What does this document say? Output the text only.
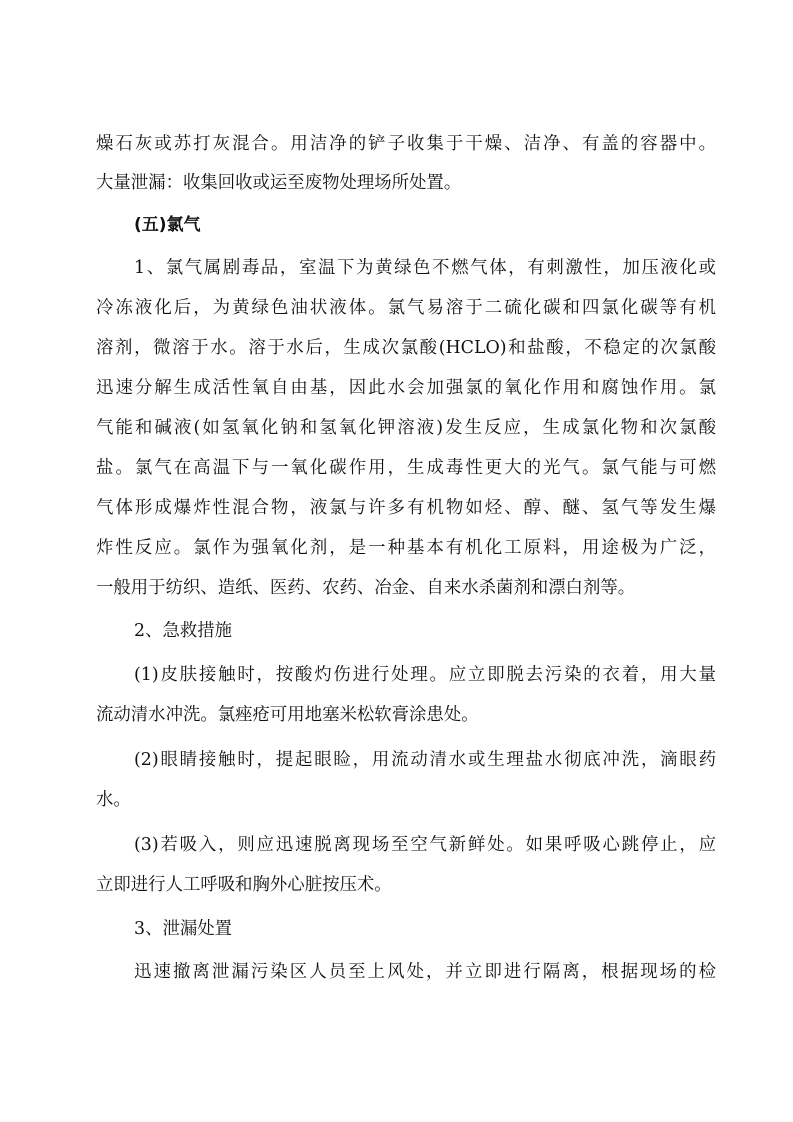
燥石灰或苏打灰混合。用洁净的铲子收集于干燥、洁净、有盖的容器中。
大量泄漏：收集回收或运至废物处理场所处置。
(五)氯气
1、氯气属剧毒品，室温下为黄绿色不燃气体，有刺激性，加压液化或
冷冻液化后，为黄绿色油状液体。氯气易溶于二硫化碳和四氯化碳等有机
溶剂，微溶于水。溶于水后，生成次氯酸(HCLO)和盐酸，不稳定的次氯酸
迅速分解生成活性氧自由基，因此水会加强氯的氧化作用和腐蚀作用。氯
气能和碱液(如氢氧化钠和氢氧化钾溶液)发生反应，生成氯化物和次氯酸
盐。氯气在高温下与一氧化碳作用，生成毒性更大的光气。氯气能与可燃
气体形成爆炸性混合物，液氯与许多有机物如烃、醇、醚、氢气等发生爆
炸性反应。氯作为强氧化剂，是一种基本有机化工原料，用途极为广泛，
一般用于纺织、造纸、医药、农药、冶金、自来水杀菌剂和漂白剂等。
2、急救措施
(1)皮肤接触时，按酸灼伤进行处理。应立即脱去污染的衣着，用大量
流动清水冲洗。氯痤疮可用地塞米松软膏涂患处。
(2)眼睛接触时，提起眼睑，用流动清水或生理盐水彻底冲洗，滴眼药
水。
(3)若吸入，则应迅速脱离现场至空气新鲜处。如果呼吸心跳停止，应
立即进行人工呼吸和胸外心脏按压术。
3、泄漏处置
迅速撤离泄漏污染区人员至上风处，并立即进行隔离，根据现场的检
